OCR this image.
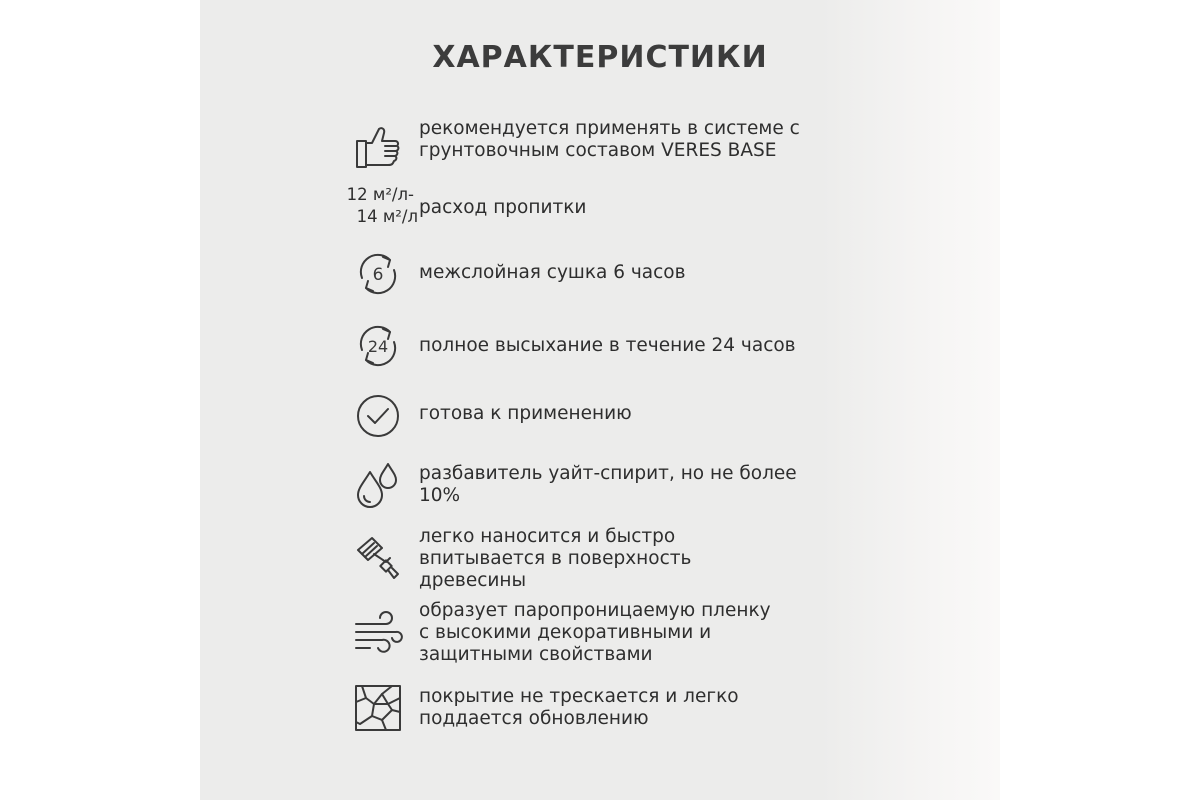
ХАРАКТЕРИСТИКИ
рекомендуется применять в системе с
грунтовочным составом VERES BASE
12 м²/л-
14 м²/л расход пропитки
6 межслойная сушка 6 часов
24 полное высыхание в течение 24 часов
готова к применению
разбавитель уайт-спирит, но не более
10%
легко наносится и быстро
впитывается в поверхность
древесины
образует паропроницаемую пленку
с высокими декоративными и
защитными свойствами
покрытие не трескается и легко
поддается обновлению
